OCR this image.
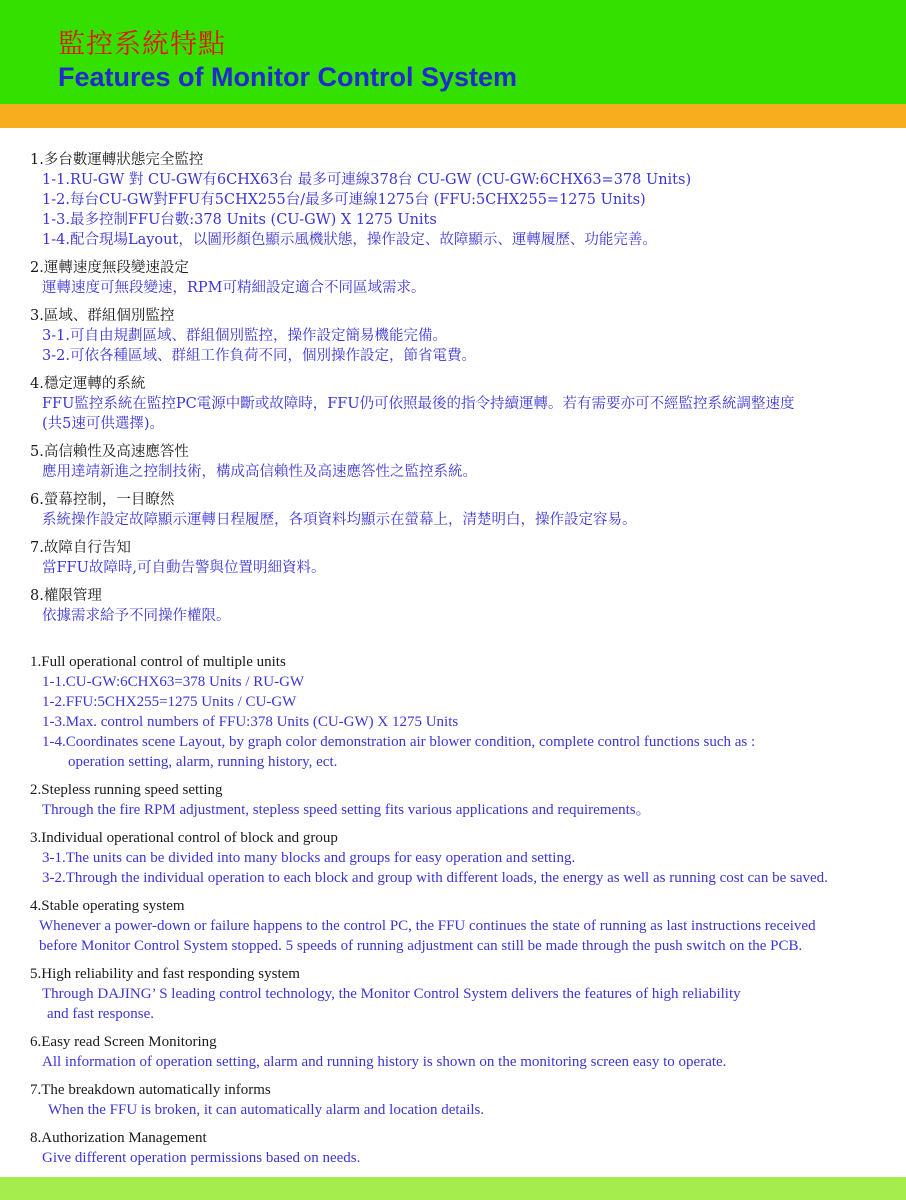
監控系統特點
Features of Monitor Control System
1.多台數運轉狀態完全監控
1-1.RU-GW 對 CU-GW有6CHX63台 最多可連線378台 CU-GW (CU-GW:6CHX63=378 Units)
1-2.每台CU-GW對FFU有5CHX255台/最多可連線1275台 (FFU:5CHX255=1275 Units)
1-3.最多控制FFU台數:378 Units (CU-GW) X 1275 Units
1-4.配合現場Layout，以圖形顏色顯示風機狀態，操作設定、故障顯示、運轉履歷、功能完善。
2.運轉速度無段變速設定
運轉速度可無段變速，RPM可精細設定適合不同區域需求。
3.區域、群組個別監控
3-1.可自由規劃區域、群組個別監控，操作設定簡易機能完備。
3-2.可依各種區域、群組工作負荷不同，個別操作設定，節省電費。
4.穩定運轉的系統
FFU監控系統在監控PC電源中斷或故障時，FFU仍可依照最後的指令持續運轉。若有需要亦可不經監控系統調整速度
(共5速可供選擇)。
5.高信賴性及高速應答性
應用達靖新進之控制技術，構成高信賴性及高速應答性之監控系統。
6.螢幕控制，一目瞭然
系統操作設定故障顯示運轉日程履歷，各項資料均顯示在螢幕上，清楚明白，操作設定容易。
7.故障自行告知
當FFU故障時,可自動告警與位置明細資料。
8.權限管理
依據需求給予不同操作權限。
1.Full operational control of multiple units
1-1.CU-GW:6CHX63=378 Units / RU-GW
1-2.FFU:5CHX255=1275 Units / CU-GW
1-3.Max. control numbers of FFU:378 Units (CU-GW) X 1275 Units
1-4.Coordinates scene Layout, by graph color demonstration air blower condition, complete control functions such as :
operation setting, alarm, running history, ect.
2.Stepless running speed setting
Through the fire RPM adjustment, stepless speed setting fits various applications and requirements。
3.Individual operational control of block and group
3-1.The units can be divided into many blocks and groups for easy operation and setting.
3-2.Through the individual operation to each block and group with different loads, the energy as well as running cost can be saved.
4.Stable operating system
Whenever a power-down or failure happens to the control PC, the FFU continues the state of running as last instructions received
before Monitor Control System stopped. 5 speeds of running adjustment can still be made through the push switch on the PCB.
5.High reliability and fast responding system
Through DAJING’ S leading control technology, the Monitor Control System delivers the features of high reliability
and fast response.
6.Easy read Screen Monitoring
All information of operation setting, alarm and running history is shown on the monitoring screen easy to operate.
7.The breakdown automatically informs
When the FFU is broken, it can automatically alarm and location details.
8.Authorization Management
Give different operation permissions based on needs.
